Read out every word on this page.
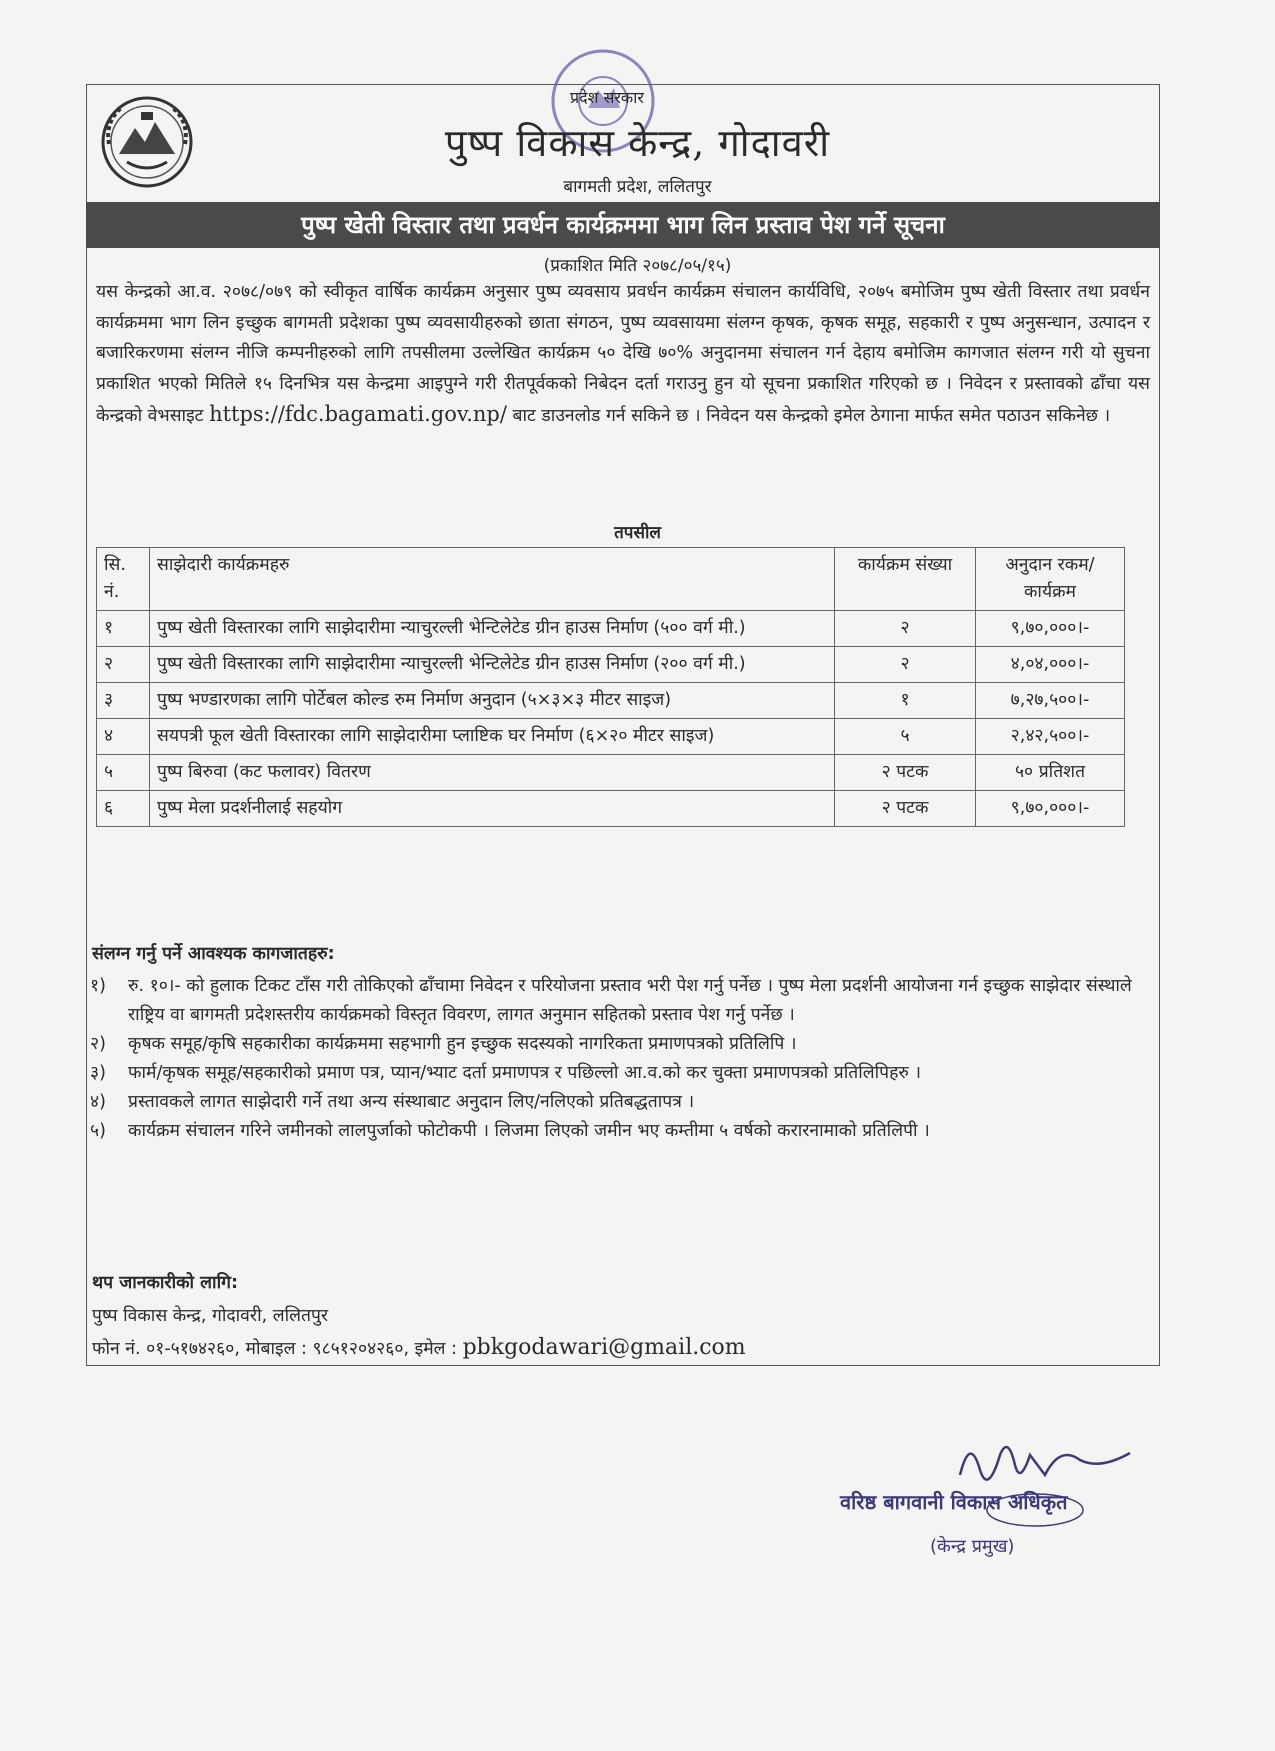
प्रदेश सरकार
पुष्प विकास केन्द्र, गोदावरी
बागमती प्रदेश, ललितपुर
पुष्प खेती विस्तार तथा प्रवर्धन कार्यक्रममा भाग लिन प्रस्ताव पेश गर्ने सूचना
(प्रकाशित मिति २०७८/०५/१५)
यस केन्द्रको आ.व. २०७८/०७९ को स्वीकृत वार्षिक कार्यक्रम अनुसार पुष्प व्यवसाय प्रवर्धन कार्यक्रम संचालन कार्यविधि, २०७५ बमोजिम पुष्प खेती विस्तार तथा प्रवर्धन कार्यक्रममा भाग लिन इच्छुक बागमती प्रदेशका पुष्प व्यवसायीहरुको छाता संगठन, पुष्प व्यवसायमा संलग्न कृषक, कृषक समूह, सहकारी र पुष्प अनुसन्धान, उत्पादन र बजारिकरणमा संलग्न नीजि कम्पनीहरुको लागि तपसीलमा उल्लेखित कार्यक्रम ५० देखि ७०% अनुदानमा संचालन गर्न देहाय बमोजिम कागजात संलग्न गरी यो सुचना प्रकाशित भएको मितिले १५ दिनभित्र यस केन्द्रमा आइपुग्ने गरी रीतपूर्वकको निबेदन दर्ता गराउनु हुन यो सूचना प्रकाशित गरिएको छ । निवेदन र प्रस्तावको ढाँचा यस केन्द्रको वेभसाइट https://fdc.bagamati.gov.np/ बाट डाउनलोड गर्न सकिने छ । निवेदन यस केन्द्रको इमेल ठेगाना मार्फत समेत पठाउन सकिनेछ ।
तपसील
सि. नं.	साझेदारी कार्यक्रमहरु	कार्यक्रम संख्या	अनुदान रकम/कार्यक्रम
१	पुष्प खेती विस्तारका लागि साझेदारीमा न्याचुरल्ली भेन्टिलेटेड ग्रीन हाउस निर्माण (५०० वर्ग मी.)	२	९,७०,०००।-
२	पुष्प खेती विस्तारका लागि साझेदारीमा न्याचुरल्ली भेन्टिलेटेड ग्रीन हाउस निर्माण (२०० वर्ग मी.)	२	४,०४,०००।-
३	पुष्प भण्डारणका लागि पोर्टेबल कोल्ड रुम निर्माण अनुदान (५×३×३ मीटर साइज)	१	७,२७,५००।-
४	सयपत्री फूल खेती विस्तारका लागि साझेदारीमा प्लाष्टिक घर निर्माण (६×२० मीटर साइज)	५	२,४२,५००।-
५	पुष्प बिरुवा (कट फलावर) वितरण	२ पटक	५० प्रतिशत
६	पुष्प मेला प्रदर्शनीलाई सहयोग	२ पटक	९,७०,०००।-
संलग्न गर्नु पर्ने आवश्यक कागजातहरु:
१)	रु. १०।- को हुलाक टिकट टाँस गरी तोकिएको ढाँचामा निवेदन र परियोजना प्रस्ताव भरी पेश गर्नु पर्नेछ । पुष्प मेला प्रदर्शनी आयोजना गर्न इच्छुक साझेदार संस्थाले राष्ट्रिय वा बागमती प्रदेशस्तरीय कार्यक्रमको विस्तृत विवरण, लागत अनुमान सहितको प्रस्ताव पेश गर्नु पर्नेछ ।
२)	कृषक समूह/कृषि सहकारीका कार्यक्रममा सहभागी हुन इच्छुक सदस्यको नागरिकता प्रमाणपत्रको प्रतिलिपि ।
३)	फार्म/कृषक समूह/सहकारीको प्रमाण पत्र, प्यान/भ्याट दर्ता प्रमाणपत्र र पछिल्लो आ.व.को कर चुक्ता प्रमाणपत्रको प्रतिलिपिहरु ।
४)	प्रस्तावकले लागत साझेदारी गर्ने तथा अन्य संस्थाबाट अनुदान लिए/नलिएको प्रतिबद्धतापत्र ।
५)	कार्यक्रम संचालन गरिने जमीनको लालपुर्जाको फोटोकपी । लिजमा लिएको जमीन भए कम्तीमा ५ वर्षको करारनामाको प्रतिलिपी ।
थप जानकारीको लागि:
पुष्प विकास केन्द्र, गोदावरी, ललितपुर
फोन नं. ०१-५१७४२६०, मोबाइल : ९८५१२०४२६०, इमेल : pbkgodawari@gmail.com
वरिष्ठ बागवानी विकास अधिकृत
(केन्द्र प्रमुख)
